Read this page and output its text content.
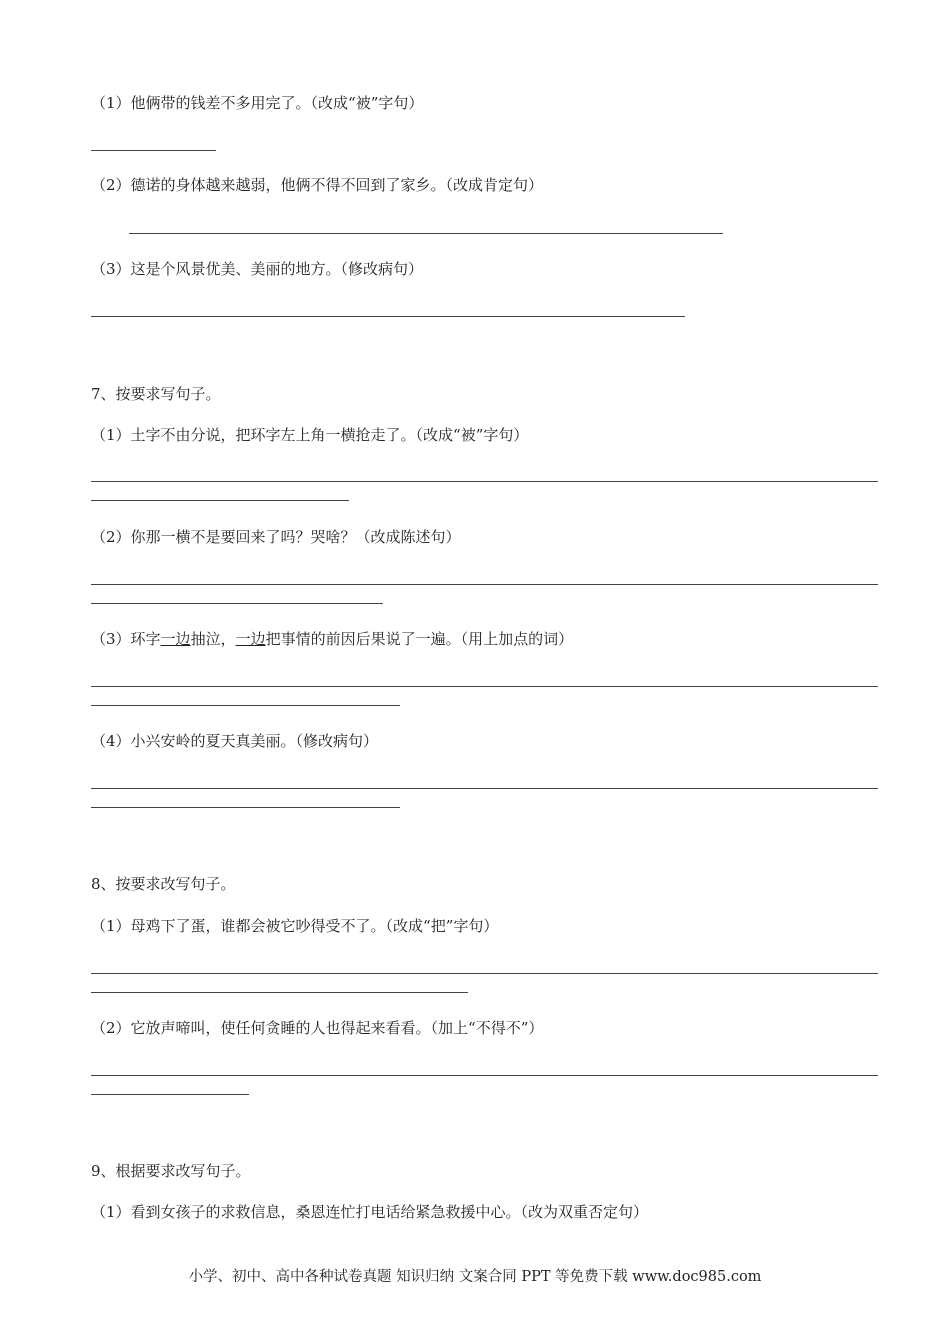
（1）他俩带的钱差不多用完了。（改成“被”字句）
（2）德诺的身体越来越弱，他俩不得不回到了家乡。（改成肯定句）
（3）这是个风景优美、美丽的地方。（修改病句）
7、按要求写句子。
（1）土字不由分说，把环字左上角一横抢走了。（改成“被”字句）
（2）你那一横不是要回来了吗？哭啥？（改成陈述句）
（3）环字一边抽泣，一边把事情的前因后果说了一遍。（用上加点的词）
（4）小兴安岭的夏天真美丽。（修改病句）
8、按要求改写句子。
（1）母鸡下了蛋，谁都会被它吵得受不了。（改成“把”字句）
（2）它放声啼叫，使任何贪睡的人也得起来看看。（加上“不得不”）
9、根据要求改写句子。
（1）看到女孩子的求救信息，桑恩连忙打电话给紧急救援中心。（改为双重否定句）
小学、初中、高中各种试卷真题 知识归纳 文案合同 PPT 等免费下载 www.doc985.com
